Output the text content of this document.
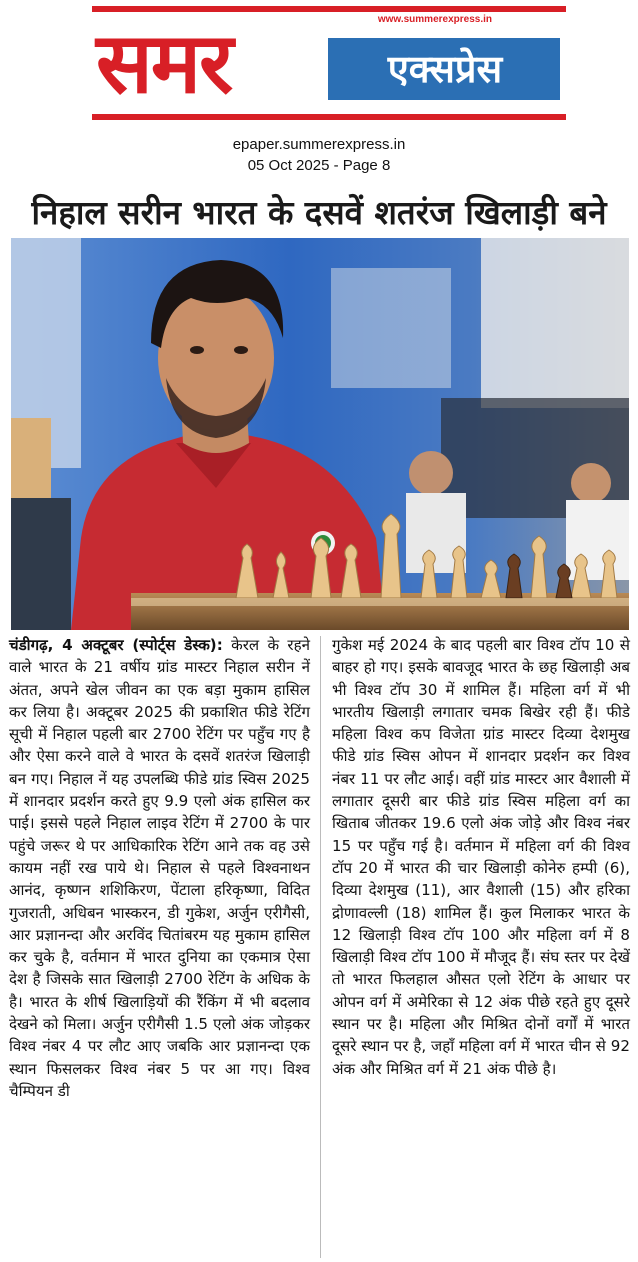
समर	एक्सप्रेस
www.summerexpress.in
epaper.summerexpress.in
05 Oct 2025 - Page 8
निहाल सरीन भारत के दसवें शतरंज खिलाड़ी बने
चंडीगढ़, 4 अक्टूबर (स्पोर्ट्स डेस्क): केरल के रहने वाले भारत के 21 वर्षीय ग्रांड मास्टर निहाल सरीन नें अंतत, अपने खेल जीवन का एक बड़ा मुकाम हासिल कर लिया है। अक्टूबर 2025 की प्रकाशित फीडे रेटिंग सूची में निहाल पहली बार 2700 रेटिंग पर पहुँच गए है और ऐसा करने वाले वे भारत के दसवें शतरंज खिलाड़ी बन गए। निहाल नें यह उपलब्धि फीडे ग्रांड स्विस 2025 में शानदार प्रदर्शन करते हुए 9.9 एलो अंक हासिल कर पाई। इससे पहले निहाल लाइव रेटिंग में 2700 के पार पहुंचे जरूर थे पर आधिकारिक रेटिंग आने तक वह उसे कायम नहीं रख पाये थे। निहाल से पहले विश्वनाथन आनंद, कृष्णन शशिकिरण, पेंटाला हरिकृष्णा, विदित गुजराती, अधिबन भास्करन, डी गुकेश, अर्जुन एरीगैसी, आर प्रज्ञानन्दा और अरविंद चितांबरम यह मुकाम हासिल कर चुके है, वर्तमान में भारत दुनिया का एकमात्र ऐसा देश है जिसके सात खिलाड़ी 2700 रेटिंग के अधिक के है। भारत के शीर्ष खिलाड़ियों की रैंकिंग में भी बदलाव देखने को मिला। अर्जुन एरीगैसी 1.5 एलो अंक जोड़कर विश्व नंबर 4 पर लौट आए जबकि आर प्रज्ञानन्दा एक स्थान फिसलकर विश्व नंबर 5 पर आ गए। विश्व चैम्पियन डी
गुकेश मई 2024 के बाद पहली बार विश्व टॉप 10 से बाहर हो गए। इसके बावजूद भारत के छह खिलाड़ी अब भी विश्व टॉप 30 में शामिल हैं। महिला वर्ग में भी भारतीय खिलाड़ी लगातार चमक बिखेर रही हैं। फीडे महिला विश्व कप विजेता ग्रांड मास्टर दिव्या देशमुख फीडे ग्रांड स्विस ओपन में शानदार प्रदर्शन कर विश्व नंबर 11 पर लौट आई। वहीं ग्रांड मास्टर आर वैशाली में लगातार दूसरी बार फीडे ग्रांड स्विस महिला वर्ग का खिताब जीतकर 19.6 एलो अंक जोड़े और विश्व नंबर 15 पर पहुँच गई है। वर्तमान में महिला वर्ग की विश्व टॉप 20 में भारत की चार खिलाड़ी कोनेरु हम्पी (6), दिव्या देशमुख (11), आर वैशाली (15) और हरिका द्रोणावल्ली (18) शामिल हैं। कुल मिलाकर भारत के 12 खिलाड़ी विश्व टॉप 100 और महिला वर्ग में 8 खिलाड़ी विश्व टॉप 100 में मौजूद हैं। संघ स्तर पर देखें तो भारत फिलहाल औसत एलो रेटिंग के आधार पर ओपन वर्ग में अमेरिका से 12 अंक पीछे रहते हुए दूसरे स्थान पर है। महिला और मिश्रित दोनों वर्गों में भारत दूसरे स्थान पर है, जहाँ महिला वर्ग में भारत चीन से 92 अंक और मिश्रित वर्ग में 21 अंक पीछे है।
